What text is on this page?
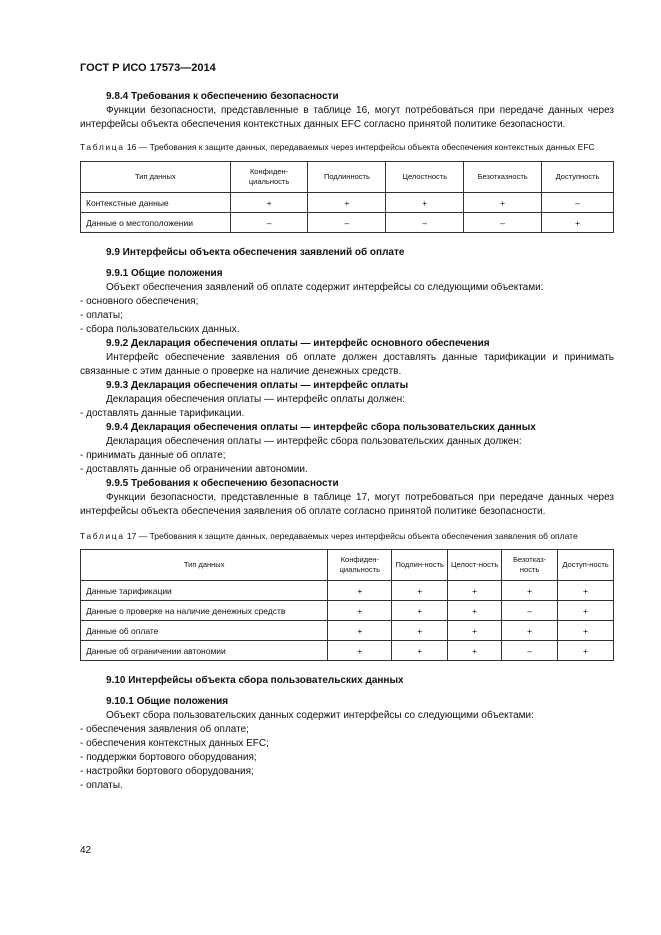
ГОСТ Р ИСО 17573—2014
9.8.4 Требования к обеспечению безопасности
Функции безопасности, представленные в таблице 16, могут потребоваться при передаче данных через интерфейсы объекта обеспечения контекстных данных EFC согласно принятой политике безопасности.
Таблица 16 — Требования к защите данных, передаваемых через интерфейсы объекта обеспечения контекстных данных EFC
Тип данных	Конфиден-циальность	Подлинность	Целостность	Безотказность	Доступность
Контекстные данные	+	+	+	+	–
Данные о местоположении	–	–	–	–	+
9.9 Интерфейсы объекта обеспечения заявлений об оплате
9.9.1 Общие положения
Объект обеспечения заявлений об оплате содержит интерфейсы со следующими объектами:
- основного обеспечения;
- оплаты;
- сбора пользовательских данных.
9.9.2 Декларация обеспечения оплаты — интерфейс основного обеспечения
Интерфейс обеспечение заявления об оплате должен доставлять данные тарификации и принимать связанные с этим данные о проверке на наличие денежных средств.
9.9.3 Декларация обеспечения оплаты — интерфейс оплаты
Декларация обеспечения оплаты — интерфейс оплаты должен:
- доставлять данные тарификации.
9.9.4 Декларация обеспечения оплаты — интерфейс сбора пользовательских данных
Декларация обеспечения оплаты — интерфейс сбора пользовательских данных должен:
- принимать данные об оплате;
- доставлять данные об ограничении автономии.
9.9.5 Требования к обеспечению безопасности
Функции безопасности, представленные в таблице 17, могут потребоваться при передаче данных через интерфейсы объекта обеспечения заявления об оплате согласно принятой политике безопасности.
Таблица 17 — Требования к защите данных, передаваемых через интерфейсы объекта обеспечения заявления об оплате
Тип данных	Конфиден-циальность	Подлин-ность	Целост-ность	Безотказ-ность	Доступ-ность
Данные тарификации	+	+	+	+	+
Данные о проверке на наличие денежных средств	+	+	+	–	+
Данные об оплате	+	+	+	+	+
Данные об ограничении автономии	+	+	+	–	+
9.10 Интерфейсы объекта сбора пользовательских данных
9.10.1 Общие положения
Объект сбора пользовательских данных содержит интерфейсы со следующими объектами:
- обеспечения заявления об оплате;
- обеспечения контекстных данных EFC;
- поддержки бортового оборудования;
- настройки бортового оборудования;
- оплаты.
42
